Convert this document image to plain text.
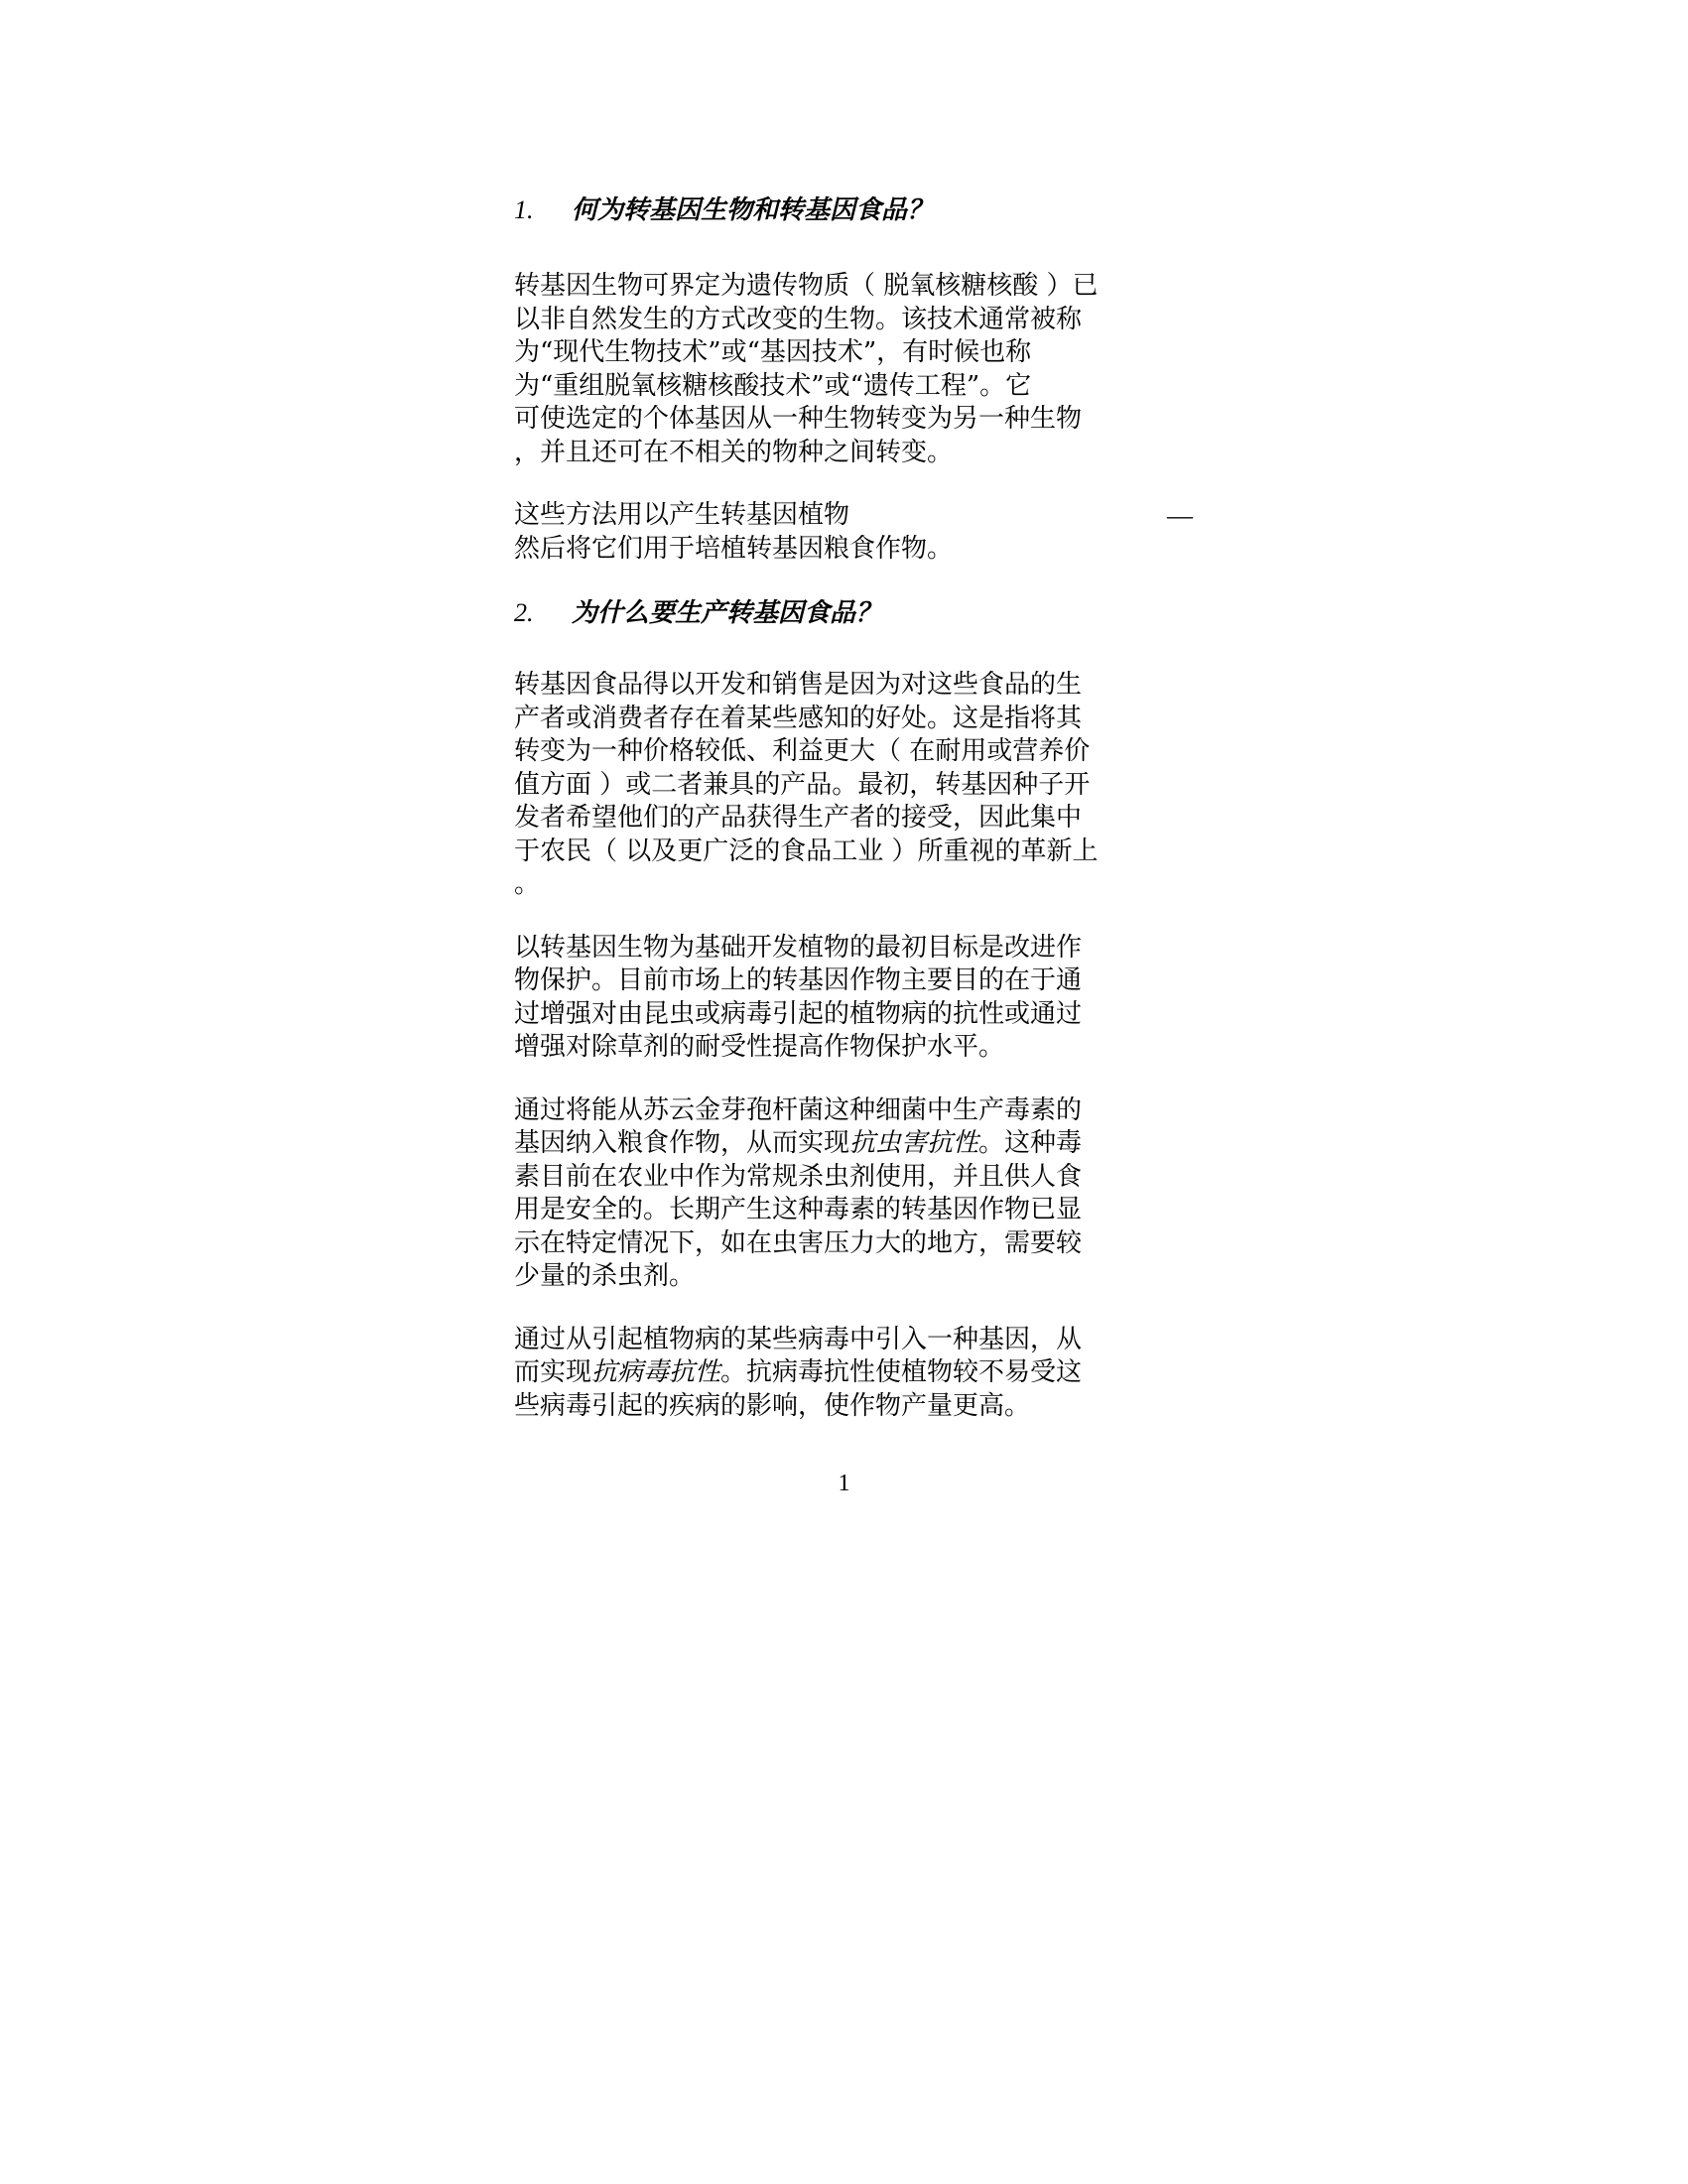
1.	何为转基因生物和转基因食品？

转基因生物可界定为遗传物质（ 脱氧核糖核酸 ）已
以非自然发生的方式改变的生物。该技术通常被称
为“现代生物技术”或“基因技术”，有时候也称
为“重组脱氧核糖核酸技术”或“遗传工程”。它
可使选定的个体基因从一种生物转变为另一种生物
，并且还可在不相关的物种之间转变。

这些方法用以产生转基因植物	—
然后将它们用于培植转基因粮食作物。

2.	为什么要生产转基因食品？

转基因食品得以开发和销售是因为对这些食品的生
产者或消费者存在着某些感知的好处。这是指将其
转变为一种价格较低、利益更大（ 在耐用或营养价
值方面 ）或二者兼具的产品。最初，转基因种子开
发者希望他们的产品获得生产者的接受，因此集中
于农民（ 以及更广泛的食品工业 ）所重视的革新上
。

以转基因生物为基础开发植物的最初目标是改进作
物保护。目前市场上的转基因作物主要目的在于通
过增强对由昆虫或病毒引起的植物病的抗性或通过
增强对除草剂的耐受性提高作物保护水平。

通过将能从苏云金芽孢杆菌这种细菌中生产毒素的
基因纳入粮食作物，从而实现抗虫害抗性。这种毒
素目前在农业中作为常规杀虫剂使用，并且供人食
用是安全的。长期产生这种毒素的转基因作物已显
示在特定情况下，如在虫害压力大的地方，需要较
少量的杀虫剂。

通过从引起植物病的某些病毒中引入一种基因，从
而实现抗病毒抗性。抗病毒抗性使植物较不易受这
些病毒引起的疾病的影响，使作物产量更高。

1
